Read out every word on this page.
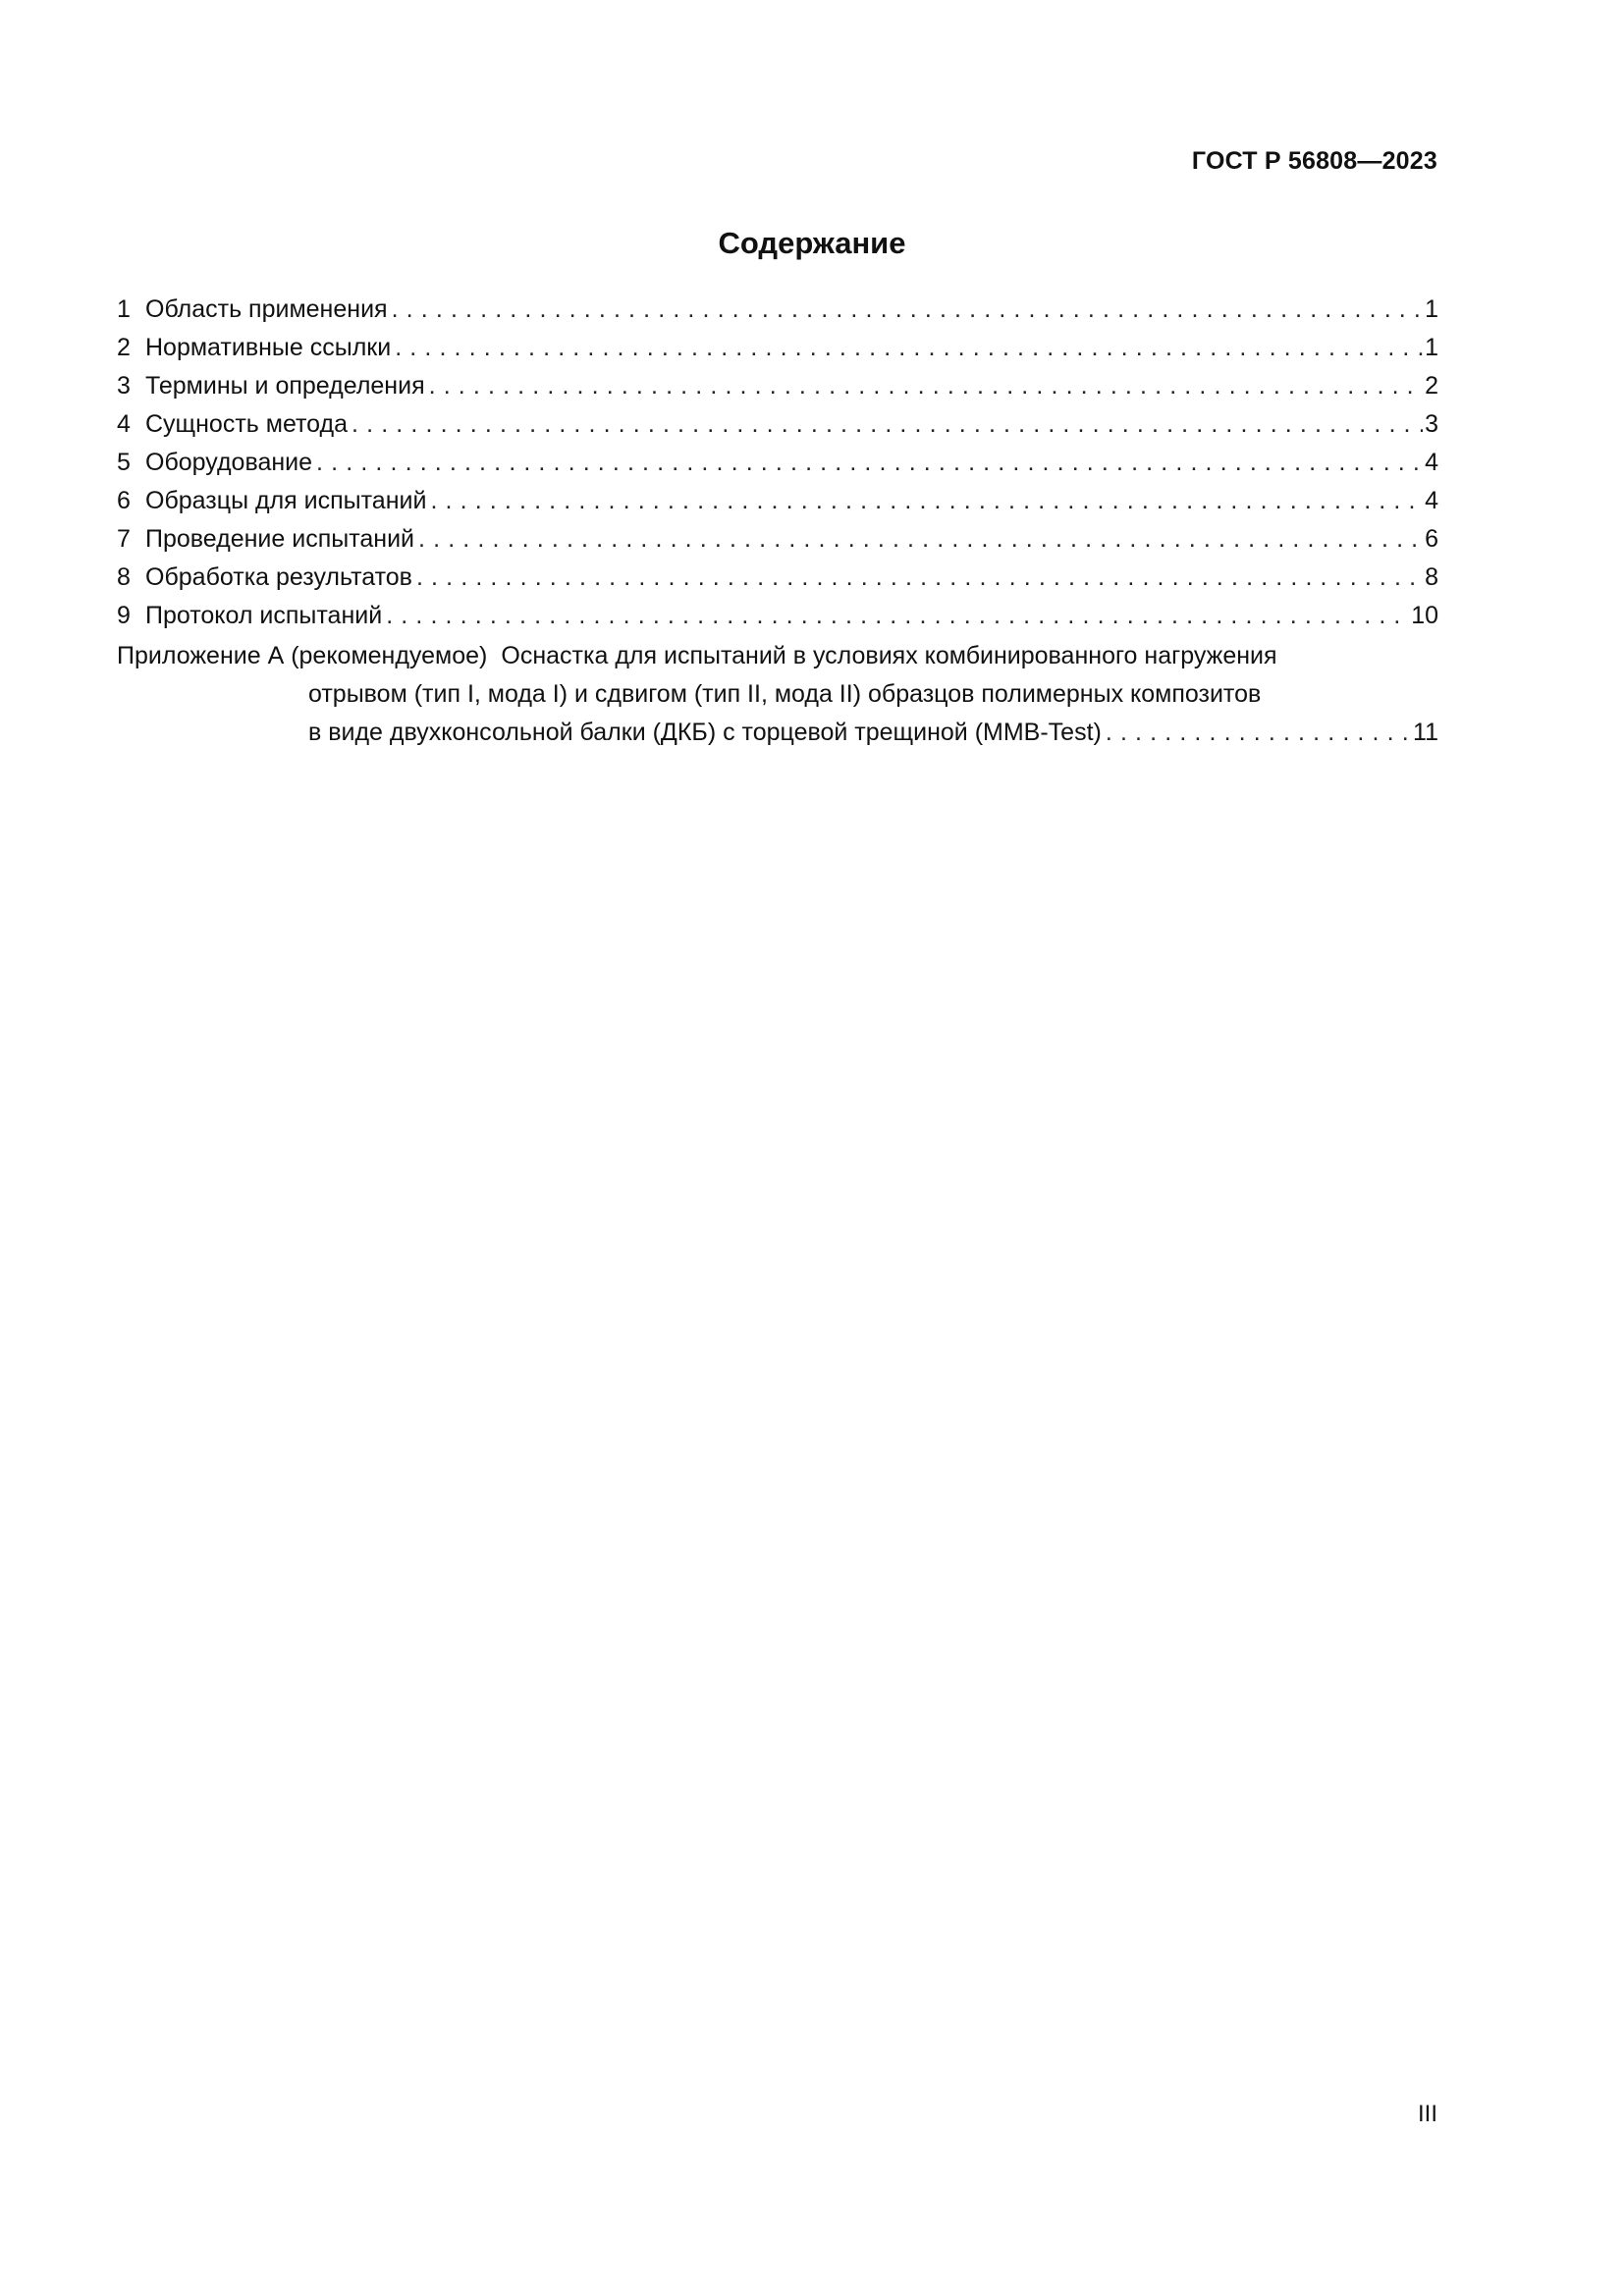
ГОСТ Р 56808—2023
Содержание
1 Область применения . . .	1
2 Нормативные ссылки . . .	1
3 Термины и определения . . .	2
4 Сущность метода . . .	3
5 Оборудование . . .	4
6 Образцы для испытаний . . .	4
7 Проведение испытаний . . .	6
8 Обработка результатов . . .	8
9 Протокол испытаний . . .	10
Приложение А (рекомендуемое) Оснастка для испытаний в условиях комбинированного нагружения
отрывом (тип I, мода I) и сдвигом (тип II, мода II) образцов полимерных композитов
в виде двухконсольной балки (ДКБ) с торцевой трещиной (MMB-Test) . . .	11
III
